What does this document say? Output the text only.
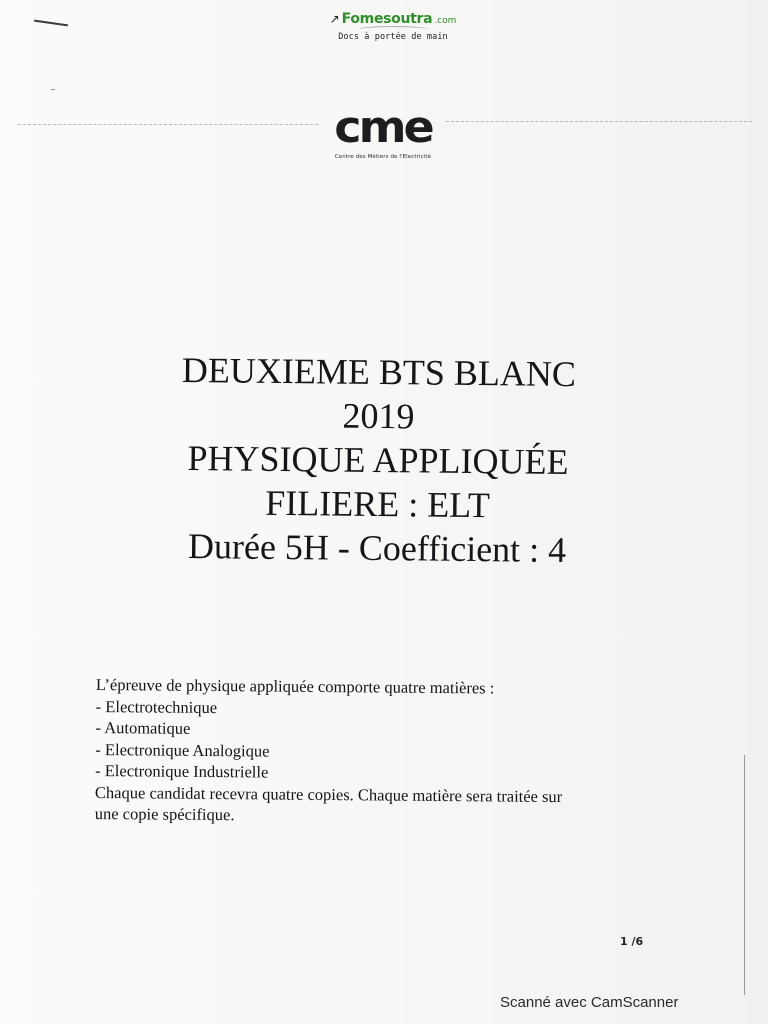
↗ Fomesoutra .com
Docs à portée de main
cme
Centre des Métiers de l'Electricité
DEUXIEME BTS BLANC
2019
PHYSIQUE APPLIQUÉE
FILIERE : ELT
Durée 5H - Coefficient : 4
L’épreuve de physique appliquée comporte quatre matières :
- Electrotechnique
- Automatique
- Electronique Analogique
- Electronique Industrielle
Chaque candidat recevra quatre copies. Chaque matière sera traitée sur
une copie spécifique.
1 /6
Scanné avec CamScanner
